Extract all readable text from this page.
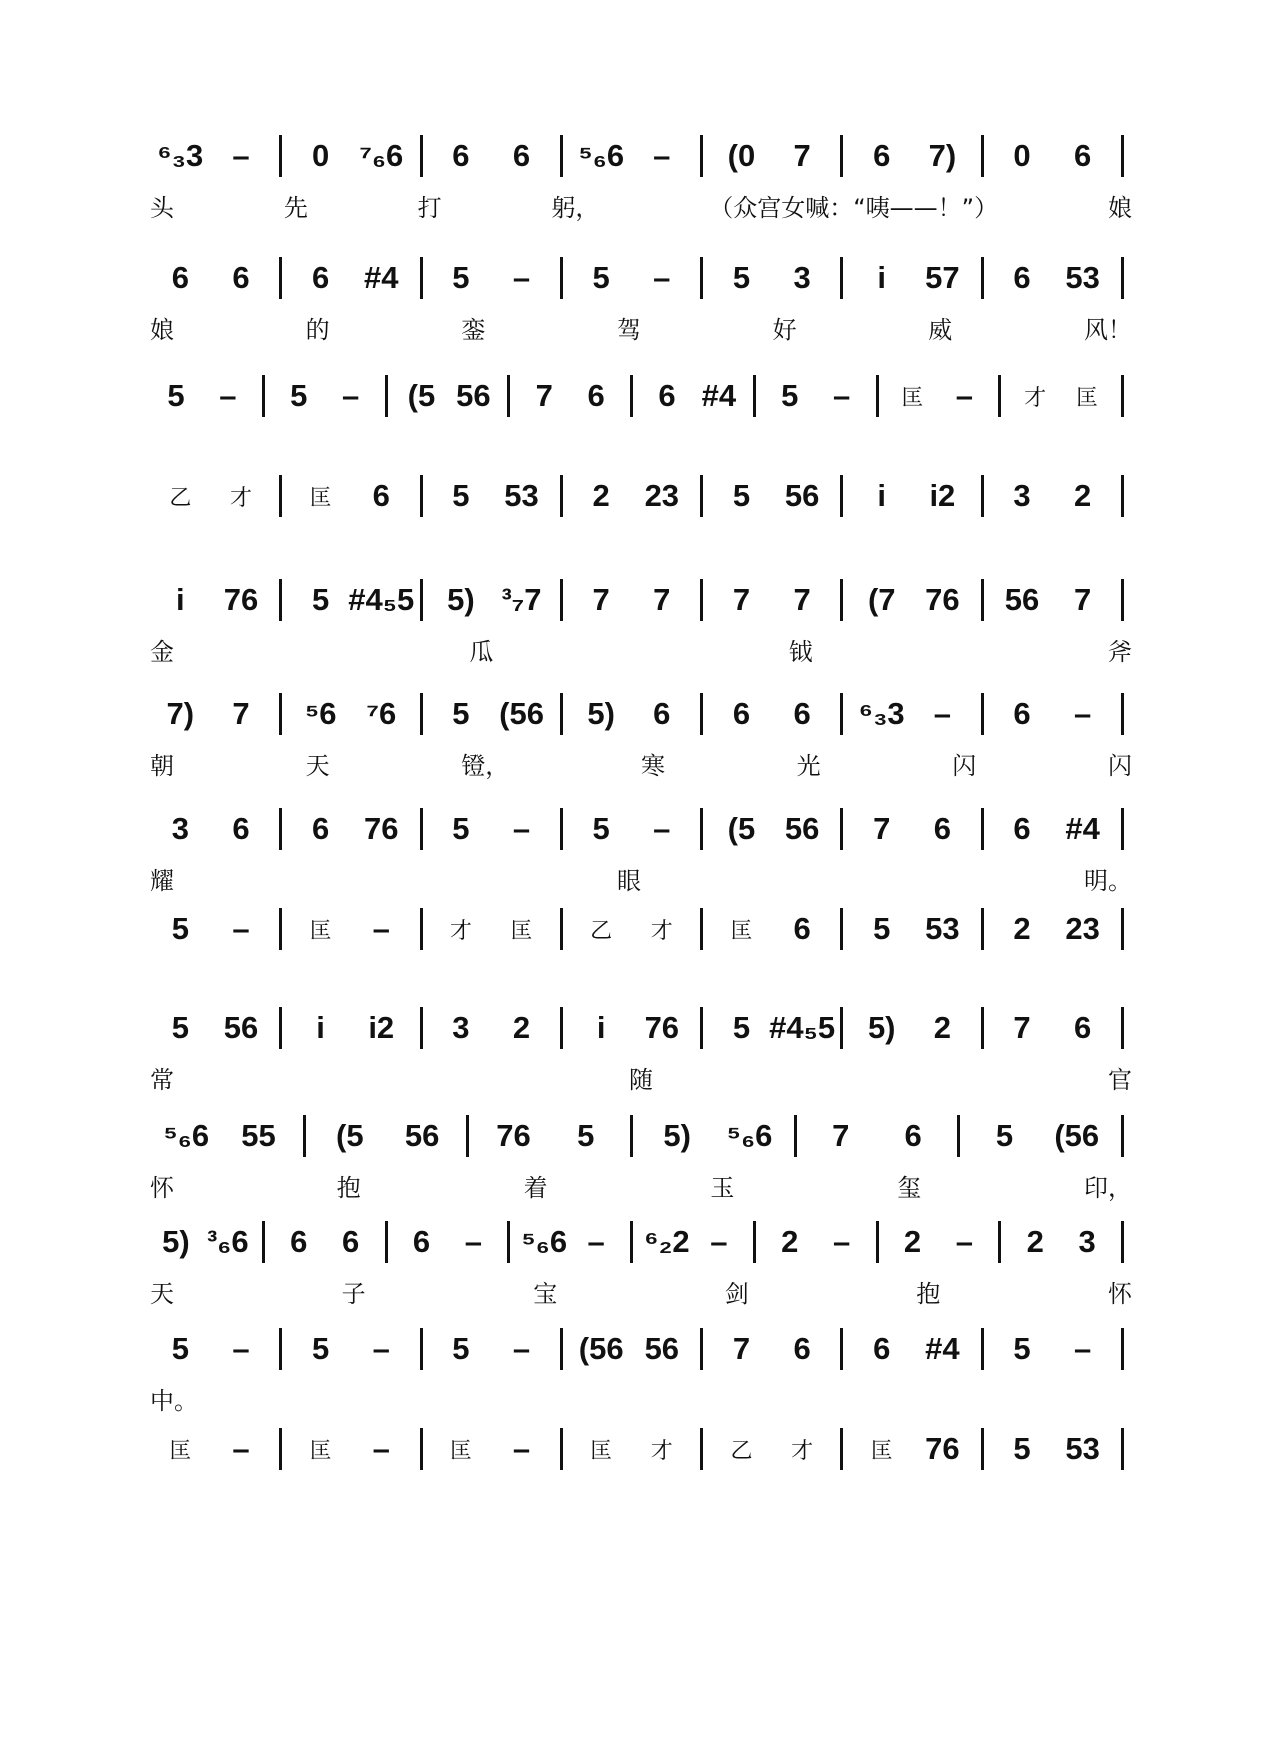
⁶₃3 –	0 ⁷₆6	6	6	⁵₆6 –	(0	7	6	7)	0	6
头	先	打	躬，	（众宫女喊：“咦——！”）	娘
6	6	6	#4	5	–	5	–	5	3	i	57	6	53
娘	的	銮	驾	好	威	风！
5	–	5	–	(5 56	7	6	6 #4	5	–	匡	–	才	匡
乙	才	匡	6	5	53	2	23	5	56	i	i2	3	2
i	76	5 #4₅5	5) ³₇7	7	7	7	7	(7 76	56	7
金	瓜	钺	斧
7)	7	⁵6 ⁷6	5 (56	5)	6	6	6	⁶₃3 –	6	–
朝	天	镫，	寒	光	闪	闪
3	6	6	76	5	–	5	–	(5 56	7	6	6	#4
耀	眼	明。
5	–	匡	–	才	匡	乙	才	匡	6	5	53	2	23
5	56	i	i2	3	2	i	76	5 #4₅5	5)	2	7	6
常	随	官
⁵₆6	55	(5	56	76	5	5)	⁵₆6	7	6	5	(56
怀	抱	着	玉	玺	印，
5) ³₆6	6	6	6	–	⁵₆6 –	⁶₂2 –	2	–	2	–	2	3
天	子	宝	剑	抱	怀
5	–	5	–	5	–	(56 56	7	6	6	#4	5	–
中。
匡	–	匡	–	匡	–	匡	才	乙	才	匡	76	5	53
